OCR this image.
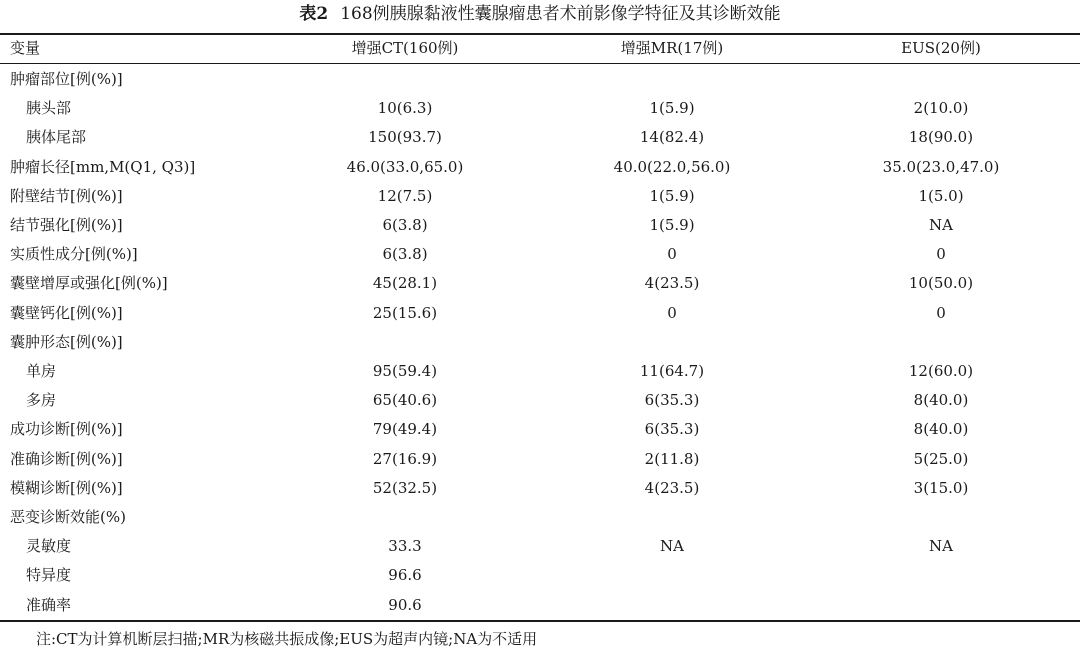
表2 168例胰腺黏液性囊腺瘤患者术前影像学特征及其诊断效能
变量	增强CT(160例)	增强MR(17例)	EUS(20例)
肿瘤部位[例(%)]
胰头部	10(6.3)	1(5.9)	2(10.0)
胰体尾部	150(93.7)	14(82.4)	18(90.0)
肿瘤长径[mm,M(Q1, Q3)]	46.0(33.0,65.0)	40.0(22.0,56.0)	35.0(23.0,47.0)
附壁结节[例(%)]	12(7.5)	1(5.9)	1(5.0)
结节强化[例(%)]	6(3.8)	1(5.9)	NA
实质性成分[例(%)]	6(3.8)	0	0
囊壁增厚或强化[例(%)]	45(28.1)	4(23.5)	10(50.0)
囊壁钙化[例(%)]	25(15.6)	0	0
囊肿形态[例(%)]
单房	95(59.4)	11(64.7)	12(60.0)
多房	65(40.6)	6(35.3)	8(40.0)
成功诊断[例(%)]	79(49.4)	6(35.3)	8(40.0)
准确诊断[例(%)]	27(16.9)	2(11.8)	5(25.0)
模糊诊断[例(%)]	52(32.5)	4(23.5)	3(15.0)
恶变诊断效能(%)
灵敏度	33.3	NA	NA
特异度	96.6
准确率	90.6
注:CT为计算机断层扫描;MR为核磁共振成像;EUS为超声内镜;NA为不适用
